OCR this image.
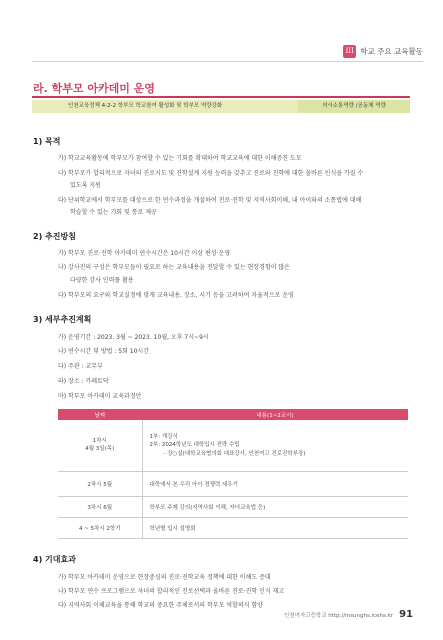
III 학교 주요 교육활동
라. 학부모 아카데미 운영
인천교육정책 4-2-2 학부모 학교참여 활성화 및 학부모 역량강화	의사소통역량 /공동체 역량
1) 목적
가) 학교교육활동에 학부모가 참여할 수 있는 기회를 확대하여 학교교육에 대한 이해증진 도모
나) 학부모가 합리적으로 자녀의 진로지도 및 진학설계 지원 능력을 갖추고 진로와 진학에 대한 올바른 인식을 가질 수
있도록 지원
다) 단위학교에서 학부모를 대상으로 한 연수과정을 개설하여 진로·진학 및 지역사회이해, 내 아이와의 소통법에 대해
학습할 수 있는 기회 및 통로 제공
2) 추진방침
가) 학부모 진로·진학 아카데미 연수시간은 10시간 이상 편성·운영
나) 강사진의 구성은 학부모들이 필요로 하는 교육내용을 전달할 수 있는 현장경험이 많은
다양한 강사 인력풀 활용
다) 학부모의 요구와 학교실정에 맞게 교육내용, 장소, 시기 등을 고려하여 자율적으로 운영
3) 세부추진계획
가) 운영기간 : 2023. 3월 ~ 2023. 10월, 오후 7시~9시
나) 연수시간 및 방법 : 5회 10시간
다) 주관 : 교무부
라) 장소 : 카페토닥
마) 학부모 아카데미 교육과정안
날짜	내용(1~2교시)

1차시
4월 3일(목)	1부: 개강식
2부: 2024학년도 대학입시 전략 수립
- 강○실(대학교육협의회 대표강사, 인천여고 진로진학부장)

2차시 5월	대학에서 본 우리 아이 경쟁력 세우기
3차시 6월	학부모 주제 강의(지역사회 이해, 자녀교육법 등)
4 ~ 5차시 2학기	학년별 입시 설명회
4) 기대효과
가) 학부모 아카데미 운영으로 현장중심의 진로·진학교육 정책에 대한 이해도 증대
나) 학부모 연수 프로그램으로 자녀의 합리적인 진로선택과 올바른 진로·진학 인식 제고
다) 지역사회 이해교육을 통해 학교의 중요한 주체로서의 학부모 역할의식 함양
인천여자고등학교 http://insunghs.icehs.kr 91
